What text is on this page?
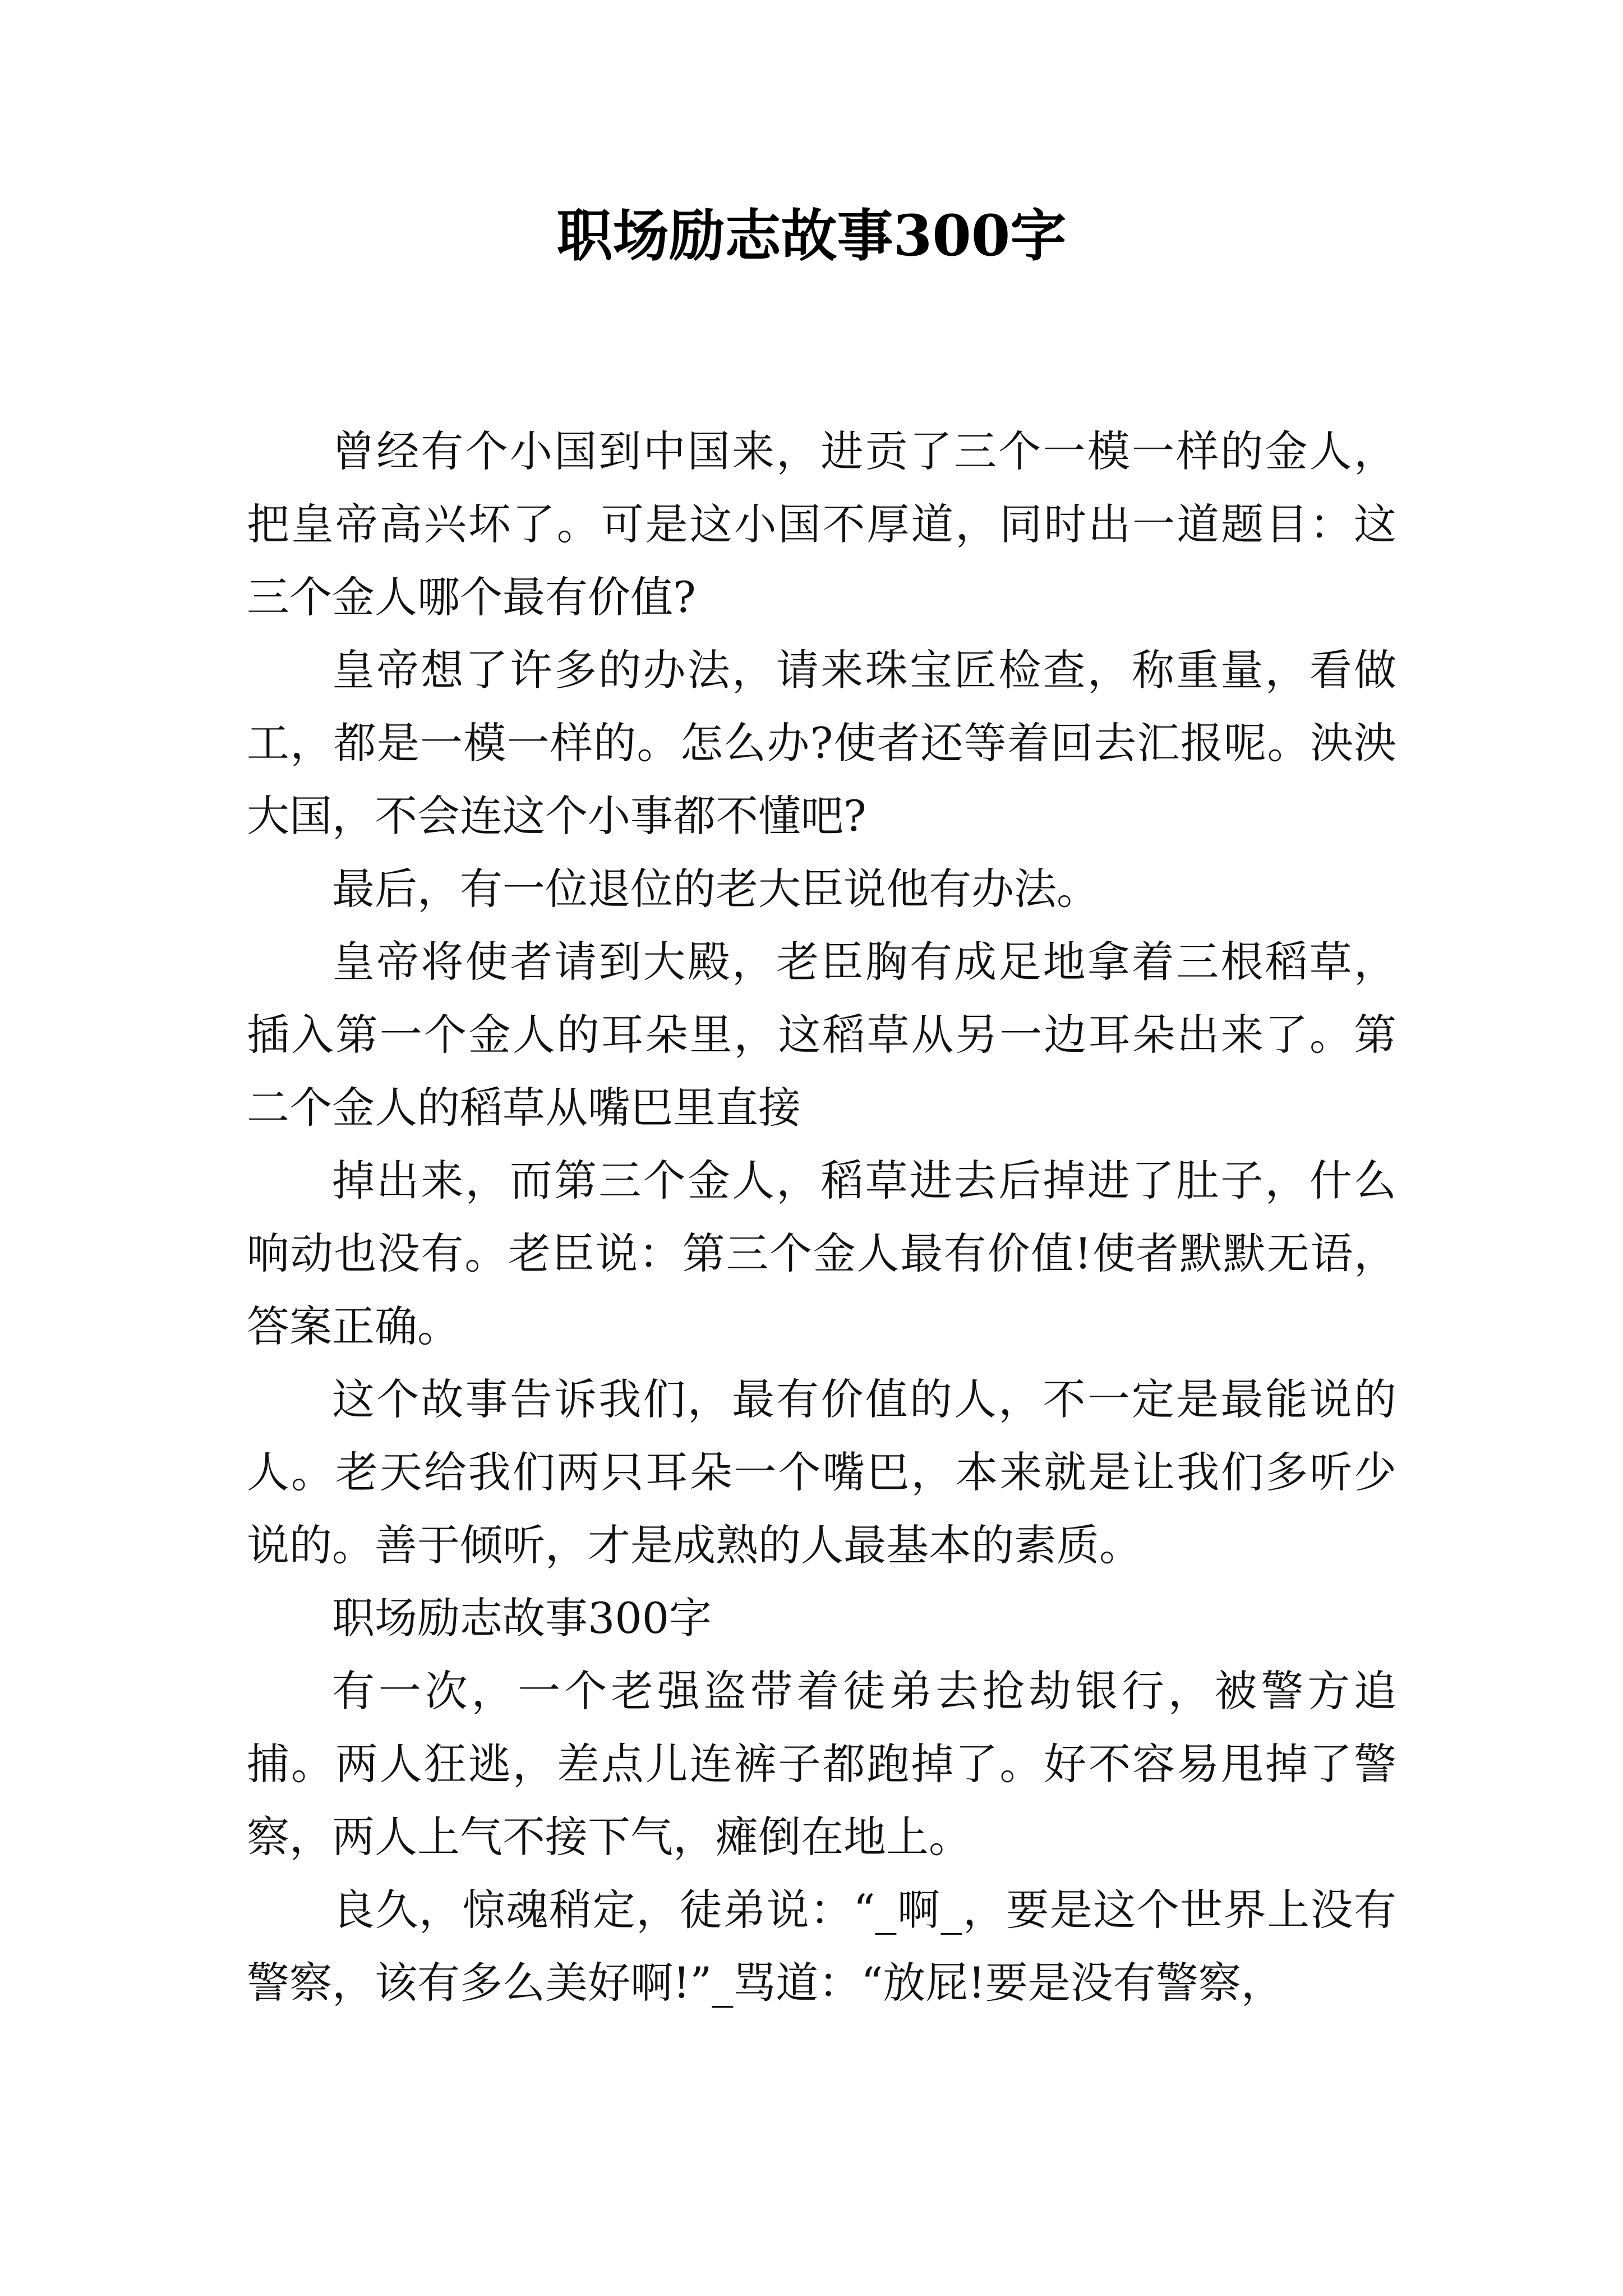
职场励志故事300字

曾经有个小国到中国来，进贡了三个一模一样的金人，把皇帝高兴坏了。可是这小国不厚道，同时出一道题目：这三个金人哪个最有价值?

皇帝想了许多的办法，请来珠宝匠检查，称重量，看做工，都是一模一样的。怎么办?使者还等着回去汇报呢。泱泱大国，不会连这个小事都不懂吧?

最后，有一位退位的老大臣说他有办法。

皇帝将使者请到大殿，老臣胸有成足地拿着三根稻草，插入第一个金人的耳朵里，这稻草从另一边耳朵出来了。第二个金人的稻草从嘴巴里直接

掉出来，而第三个金人，稻草进去后掉进了肚子，什么响动也没有。老臣说：第三个金人最有价值!使者默默无语，答案正确。

这个故事告诉我们，最有价值的人，不一定是最能说的人。老天给我们两只耳朵一个嘴巴，本来就是让我们多听少说的。善于倾听，才是成熟的人最基本的素质。

职场励志故事300字

有一次，一个老强盗带着徒弟去抢劫银行，被警方追捕。两人狂逃，差点儿连裤子都跑掉了。好不容易甩掉了警察，两人上气不接下气，瘫倒在地上。

良久，惊魂稍定，徒弟说：“_啊_，要是这个世界上没有警察，该有多么美好啊!”_骂道：“放屁!要是没有警察，
